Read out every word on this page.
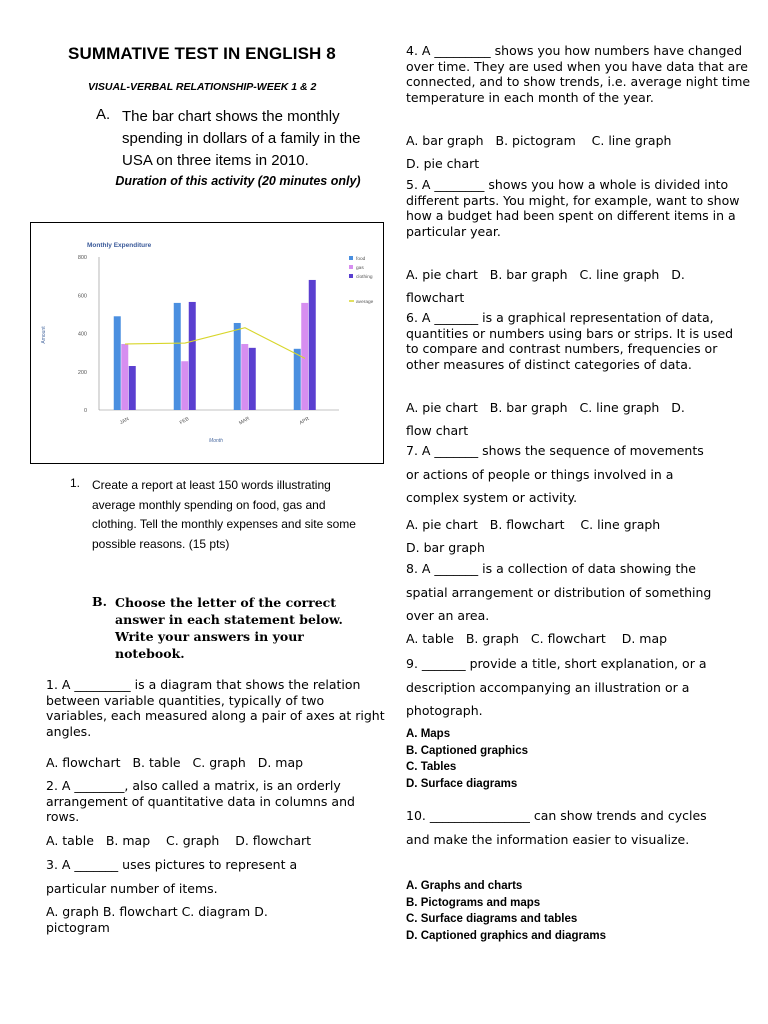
SUMMATIVE TEST IN ENGLISH 8

VISUAL-VERBAL RELATIONSHIP-WEEK 1 & 2

A. The bar chart shows the monthly spending in dollars of a family in the USA on three items in 2010.

Duration of this activity (20 minutes only)

Monthly Expenditure
0
200
400
600
800
JAN	FEB	MAR	APR
Amount
Month
food
gas
clothing
average
1. Create a report at least 150 words illustrating average monthly spending on food, gas and clothing. Tell the monthly expenses and site some possible reasons. (15 pts)

B. Choose the letter of the correct answer in each statement below. Write your answers in your notebook.

1. A _________ is a diagram that shows the relation between variable quantities, typically of two variables, each measured along a pair of axes at right angles.

A. flowchart   B. table   C. graph   D. map

2. A ________, also called a matrix, is an orderly arrangement of quantitative data in columns and rows.

A. table   B. map    C. graph    D. flowchart

3. A _______ uses pictures to represent a particular number of items.

A. graph B. flowchart C. diagram D. pictogram

4. A _________ shows you how numbers have changed over time. They are used when you have data that are connected, and to show trends, i.e. average night time temperature in each month of the year.

A. bar graph   B. pictogram    C. line graph
D. pie chart

5. A ________ shows you how a whole is divided into different parts. You might, for example, want to show how a budget had been spent on different items in a particular year.

A. pie chart   B. bar graph   C. line graph   D.
flowchart

6. A _______ is a graphical representation of data, quantities or numbers using bars or strips. It is used to compare and contrast numbers, frequencies or other measures of distinct categories of data.

A. pie chart   B. bar graph   C. line graph   D.
flow chart

7. A _______ shows the sequence of movements or actions of people or things involved in a complex system or activity.

A. pie chart   B. flowchart    C. line graph
D. bar graph

8. A _______ is a collection of data showing the spatial arrangement or distribution of something over an area.

A. table   B. graph   C. flowchart    D. map

9. _______ provide a title, short explanation, or a description accompanying an illustration or a photograph.

A. Maps
B. Captioned graphics
C. Tables
D. Surface diagrams

10. ________________ can show trends and cycles and make the information easier to visualize.

A. Graphs and charts
B. Pictograms and maps
C. Surface diagrams and tables
D. Captioned graphics and diagrams
